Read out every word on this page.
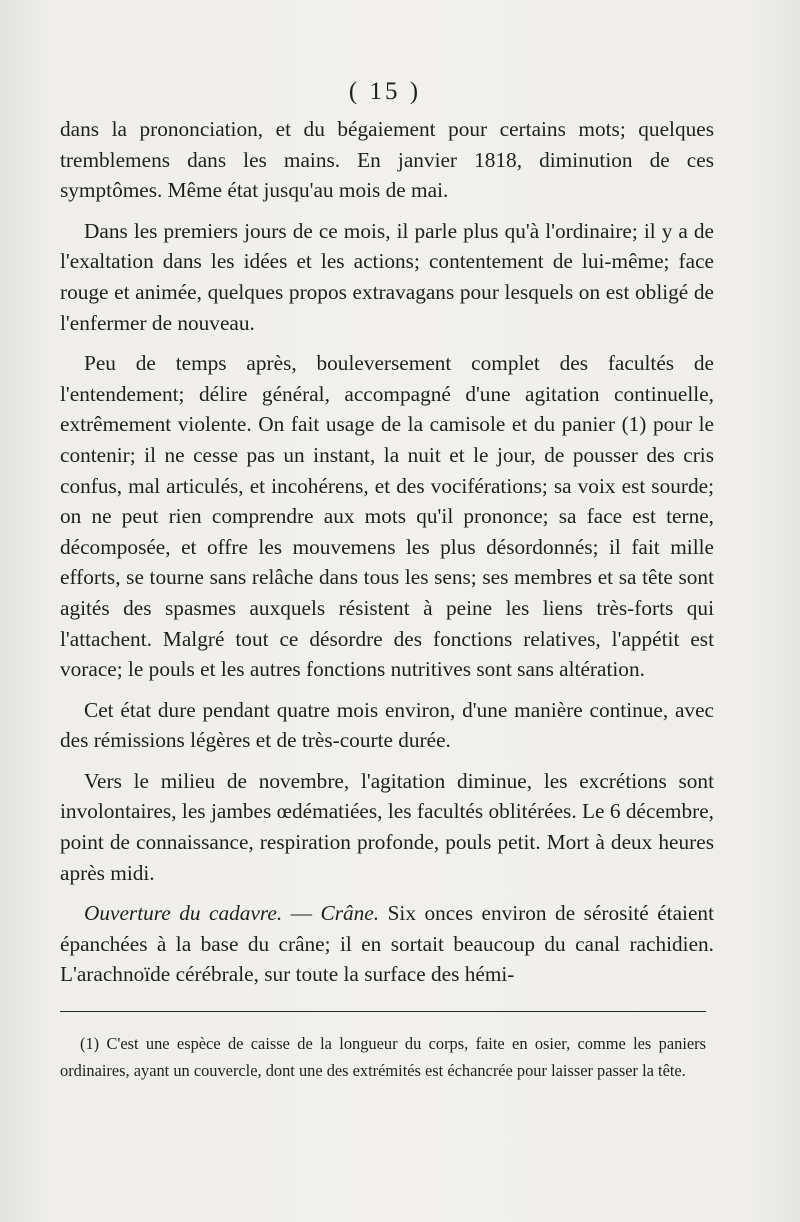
( 15 )

dans la prononciation, et du bégaiement pour certains mots; quelques tremblemens dans les mains. En janvier 1818, diminution de ces symptômes. Même état jusqu'au mois de mai.

Dans les premiers jours de ce mois, il parle plus qu'à l'ordinaire; il y a de l'exaltation dans les idées et les actions; contentement de lui-même; face rouge et animée, quelques propos extravagans pour lesquels on est obligé de l'enfermer de nouveau.

Peu de temps après, bouleversement complet des facultés de l'entendement; délire général, accompagné d'une agitation continuelle, extrêmement violente. On fait usage de la camisole et du panier (1) pour le contenir; il ne cesse pas un instant, la nuit et le jour, de pousser des cris confus, mal articulés, et incohérens, et des vociférations; sa voix est sourde; on ne peut rien comprendre aux mots qu'il prononce; sa face est terne, décomposée, et offre les mouvemens les plus désordonnés; il fait mille efforts, se tourne sans relâche dans tous les sens; ses membres et sa tête sont agités des spasmes auxquels résistent à peine les liens très-forts qui l'attachent. Malgré tout ce désordre des fonctions relatives, l'appétit est vorace; le pouls et les autres fonctions nutritives sont sans altération.

Cet état dure pendant quatre mois environ, d'une manière continue, avec des rémissions légères et de très-courte durée.

Vers le milieu de novembre, l'agitation diminue, les excrétions sont involontaires, les jambes œdématiées, les facultés oblitérées. Le 6 décembre, point de connaissance, respiration profonde, pouls petit. Mort à deux heures après midi.

Ouverture du cadavre. — Crâne. Six onces environ de sérosité étaient épanchées à la base du crâne; il en sortait beaucoup du canal rachidien. L'arachnoïde cérébrale, sur toute la surface des hémi-

(1) C'est une espèce de caisse de la longueur du corps, faite en osier, comme les paniers ordinaires, ayant un couvercle, dont une des extrémités est échancrée pour laisser passer la tête.
